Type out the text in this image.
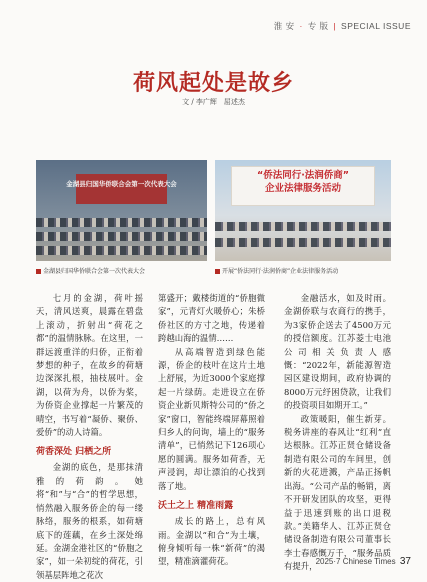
淮 安 · 专 版 | SPECIAL ISSUE
荷风起处是故乡
文 / 李广辉　屈述杰
金湖县归国华侨联合会第一次代表大会
“侨法同行·法润侨商”
企业法律服务活动
金湖县归国华侨联合会第一次代表大会	开展“侨法同行·法润侨商”企业法律服务活动

七月的金湖，荷叶摇天，清风送爽，晨露在碧盘上滚动，折射出“荷花之都”的温情脉脉。在这里，一群远渡重洋的归侨，正衔着梦想的种子，在故乡的荷塘边深深扎根，抽枝展叶。金湖，以荷为舟，以侨为桨，为侨资企业撑起一片繁茂的晴空，书写着“凝侨、聚侨、爱侨”的动人诗篇。

荷香深处 归栖之所

金湖的底色，是那抹清雅的荷韵。她将“和”与“合”的哲学思想，悄然融入服务侨企的每一缕脉络，服务的根系，如荷塘底下的莲藕，在乡土深处绵延。金湖金港社区的“侨胞之家”，如一朵初绽的荷花，引领基层阵地之花次

第盛开；戴楼街道的“侨胞微家”，元青灯火暖侨心；朱桥侨社区的方寸之地，传递着跨越山海的温情……

从高端智造到绿色能源，侨企的枝叶在这片土地上舒展，为近3000个家庭撑起一片绿荫。走进设立在侨资企业新贝斯特公司的“侨之家”窗口，智能终端屏幕照着归乡人的问询，墙上的“服务清单”，已悄然记下126项心愿的圆满。服务如荷香，无声浸润，却让漂泊的心找到落了地。

沃土之上 精准雨露

成长的路上，总有风雨。金湖以“和合”为土壤，俯身倾听每一株“新荷”的渴望，精准滴灌荷花。

金融活水，如及时雨。金湖侨联与农商行的携手，为3家侨企送去了4500万元的授信额度。江苏菱士电池公司相关负责人感慨：“2022年，新能源智造园区建设期间，政府协调的8000万元纾困贷款，让我们的投资项目如期开工。”

政策暖阳，催生新芽。税务讲座的春风让“红利”直达根脉。江苏正贤仓储设备制造有限公司的车间里，创新的火花进溅，产品正扬帆出海。“公司产品的畅销，离不开研发团队的攻坚，更得益于迅速到账的出口退税款。”美籍华人、江苏正贤仓储设备制造有限公司董事长李士春感慨万千，“服务品质有提升，

2025·7 Chinese Times 37
